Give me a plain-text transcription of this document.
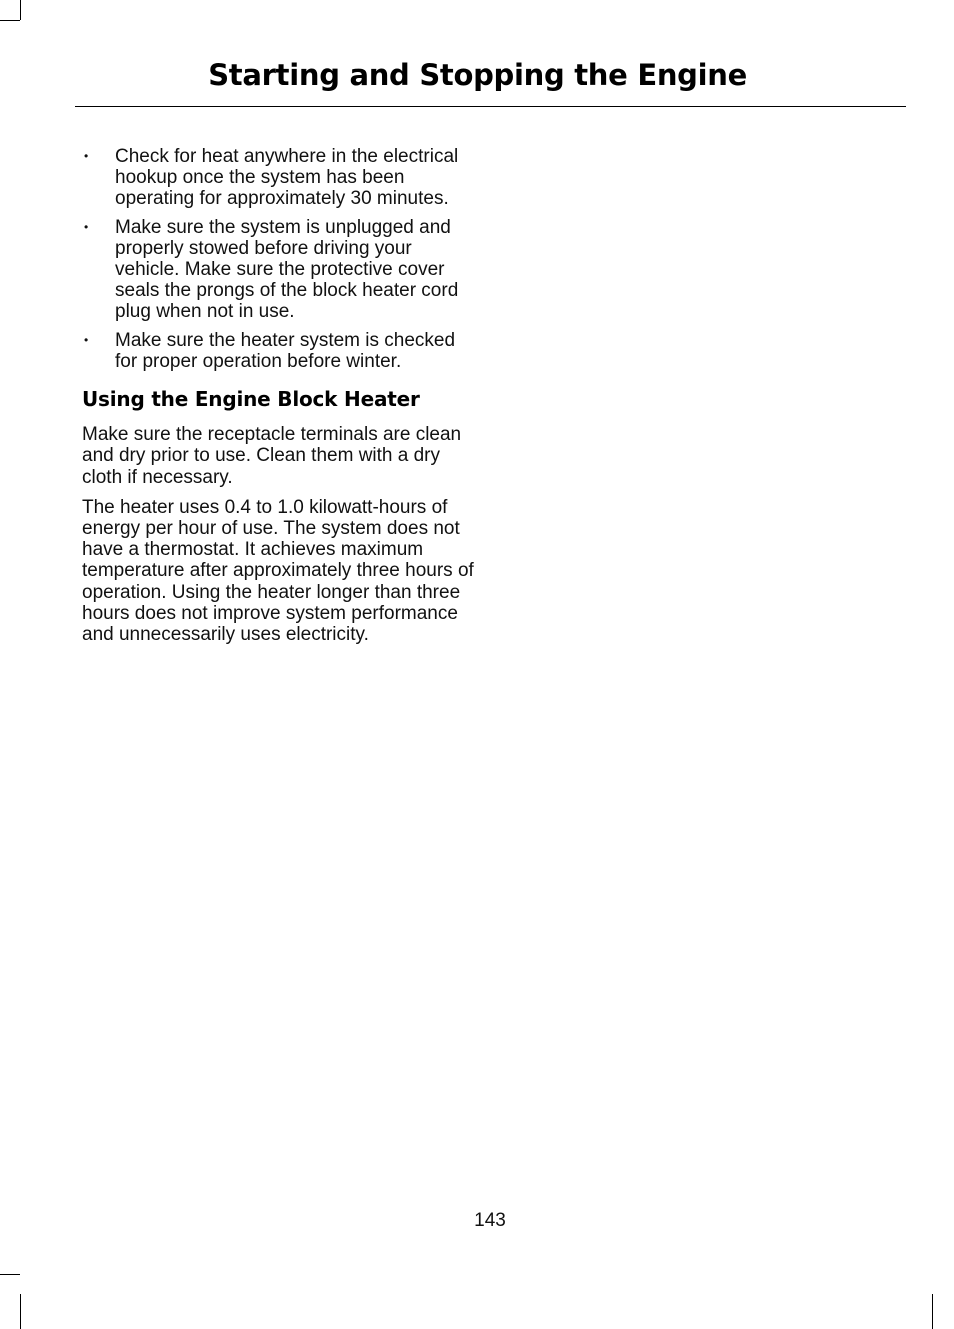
Starting and Stopping the Engine
• Check for heat anywhere in the electrical hookup once the system has been operating for approximately 30 minutes.
• Make sure the system is unplugged and properly stowed before driving your vehicle. Make sure the protective cover seals the prongs of the block heater cord plug when not in use.
• Make sure the heater system is checked for proper operation before winter.
Using the Engine Block Heater

Make sure the receptacle terminals are clean and dry prior to use. Clean them with a dry cloth if necessary.

The heater uses 0.4 to 1.0 kilowatt-hours of energy per hour of use. The system does not have a thermostat. It achieves maximum temperature after approximately three hours of operation. Using the heater longer than three hours does not improve system performance and unnecessarily uses electricity.

143
